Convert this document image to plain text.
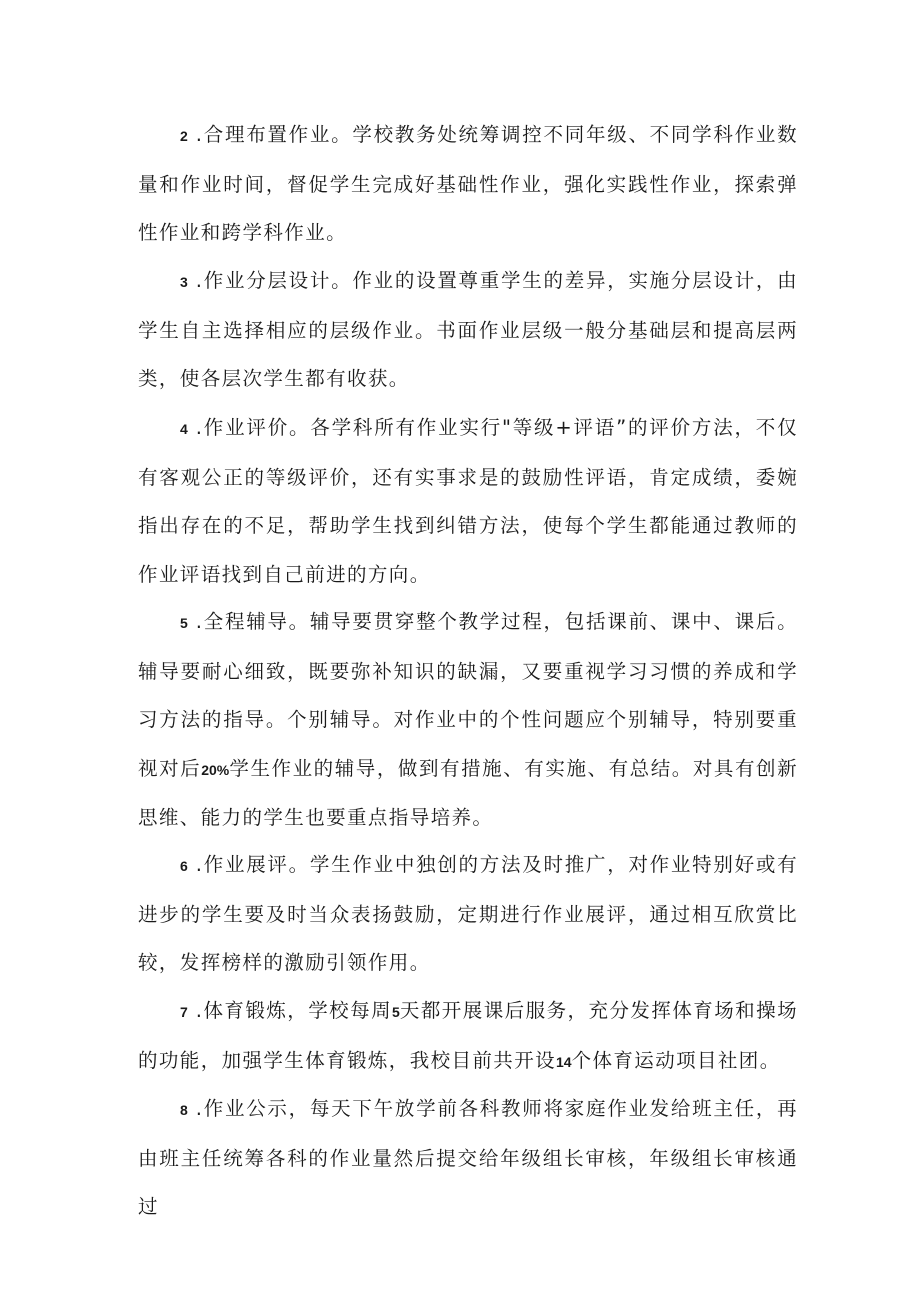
2 .合理布置作业。学校教务处统筹调控不同年级、不同学科作业数量和作业时间，督促学生完成好基础性作业，强化实践性作业，探索弹性作业和跨学科作业。

3 .作业分层设计。作业的设置尊重学生的差异，实施分层设计，由学生自主选择相应的层级作业。书面作业层级一般分基础层和提高层两类，使各层次学生都有收获。

4 .作业评价。各学科所有作业实行"等级+评语”的评价方法，不仅有客观公正的等级评价，还有实事求是的鼓励性评语，肯定成绩，委婉指出存在的不足，帮助学生找到纠错方法，使每个学生都能通过教师的作业评语找到自己前进的方向。

5 .全程辅导。辅导要贯穿整个教学过程，包括课前、课中、课后。辅导要耐心细致，既要弥补知识的缺漏，又要重视学习习惯的养成和学习方法的指导。个别辅导。对作业中的个性问题应个别辅导，特别要重视对后20%学生作业的辅导，做到有措施、有实施、有总结。对具有创新思维、能力的学生也要重点指导培养。

6 .作业展评。学生作业中独创的方法及时推广，对作业特别好或有进步的学生要及时当众表扬鼓励，定期进行作业展评，通过相互欣赏比较，发挥榜样的激励引领作用。

7 .体育锻炼，学校每周5天都开展课后服务，充分发挥体育场和操场的功能，加强学生体育锻炼，我校目前共开设14个体育运动项目社团。

8 .作业公示，每天下午放学前各科教师将家庭作业发给班主任，再由班主任统筹各科的作业量然后提交给年级组长审核，年级组长审核通过
